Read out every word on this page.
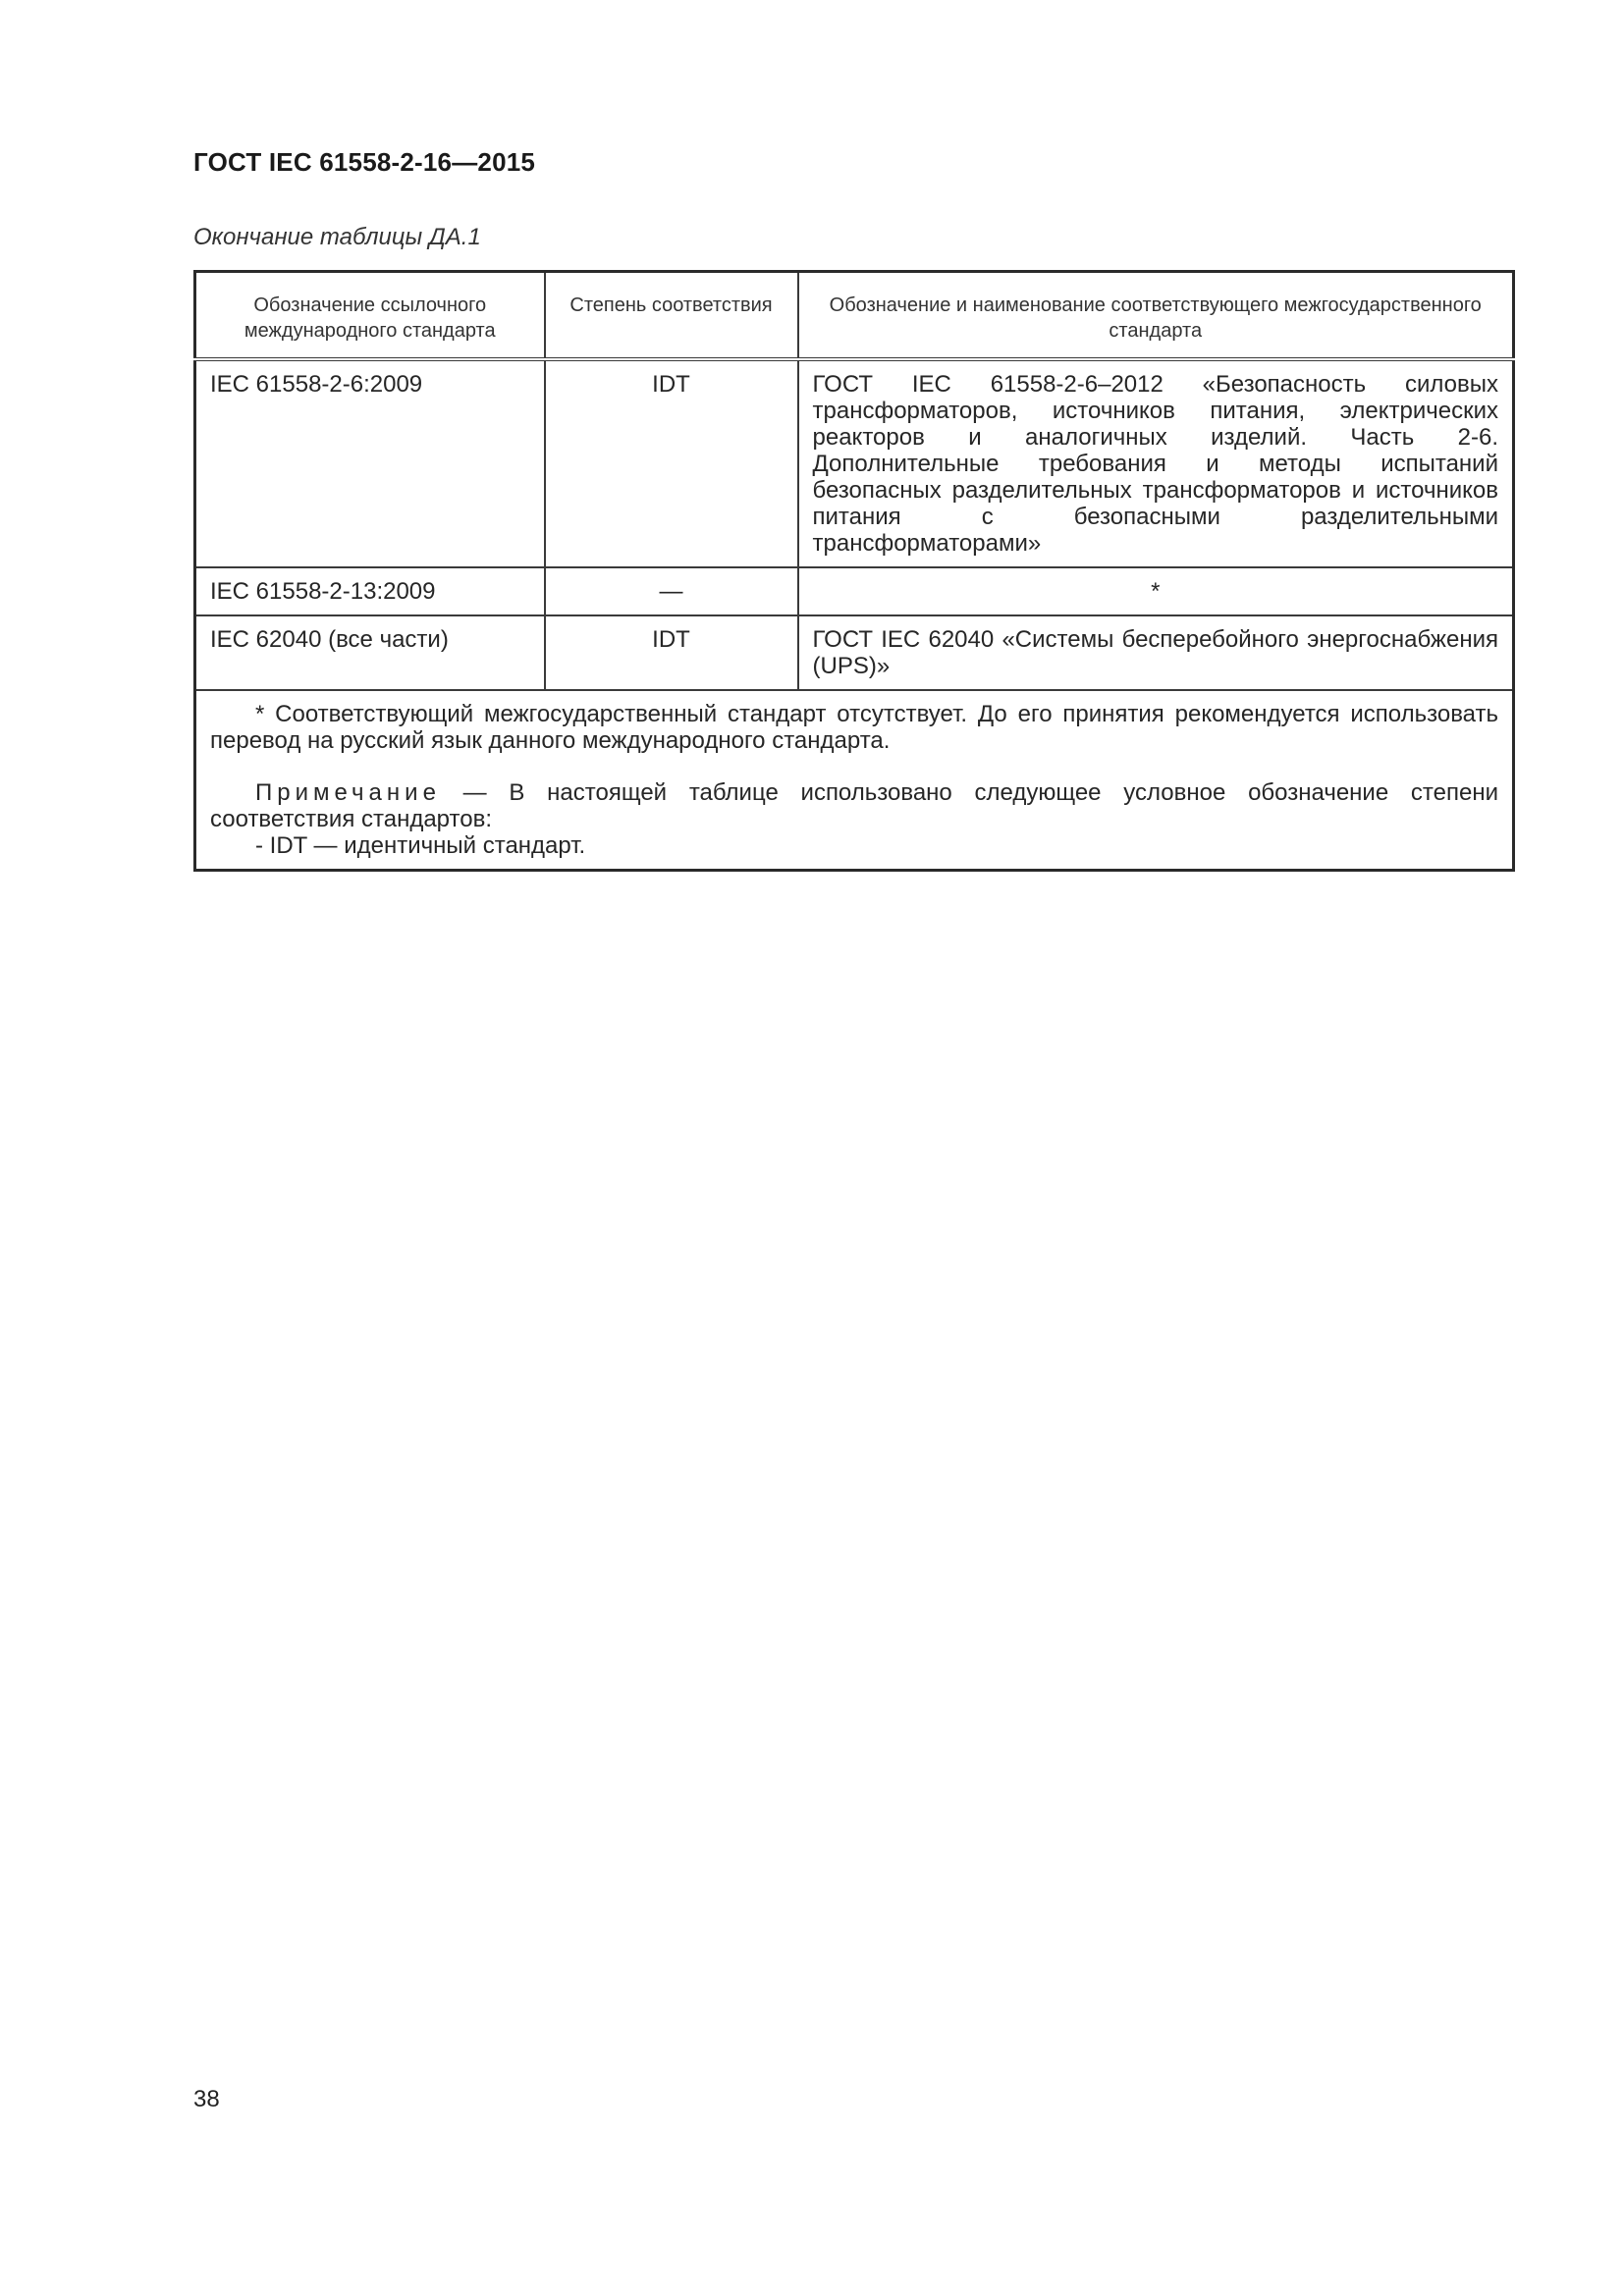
ГОСТ IEC 61558-2-16—2015
Окончание таблицы ДА.1
Обозначение ссылочного международного стандарта	Степень соответствия	Обозначение и наименование соответствующего межгосударственного стандарта
IEC 61558-2-6:2009	IDT	ГОСТ IEC 61558-2-6–2012 «Безопасность силовых трансформаторов, источников питания, электрических реакторов и аналогичных изделий. Часть 2-6. Дополнительные требования и методы испытаний безопасных разделительных трансформаторов и источников питания с безопасными разделительными трансформаторами»
IEC 61558-2-13:2009	—	*
IEC 62040 (все части)	IDT	ГОСТ IEC 62040 «Системы бесперебойного энергоснабжения (UPS)»

* Соответствующий межгосударственный стандарт отсутствует. До его принятия рекомендуется использовать перевод на русский язык данного международного стандарта.

Примечание — В настоящей таблице использовано следующее условное обозначение степени соответствия стандартов:

- IDT — идентичный стандарт.		

38
